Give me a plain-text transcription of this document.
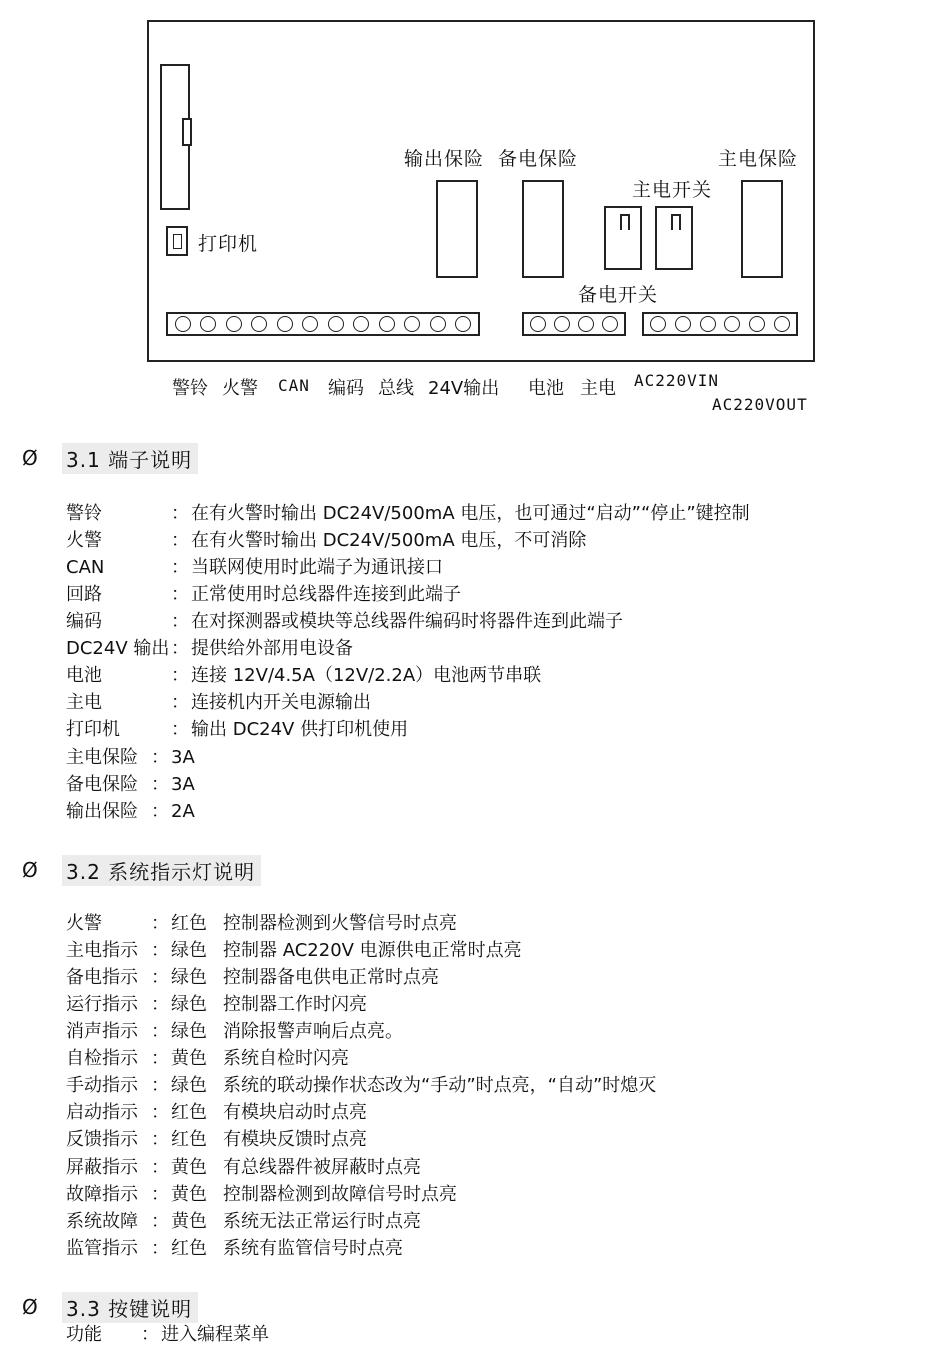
打印机
输出保险 备电保险	主电保险
主电开关
备电开关
警铃 火警 CAN 编码 总线 24V输出 电池 主电 AC220VIN
AC220VOUT
Ø	3.1 端子说明
警铃	： 在有火警时输出 DC24V/500mA 电压，也可通过“启动”“停止”键控制
火警	： 在有火警时输出 DC24V/500mA 电压，不可消除
CAN	： 当联网使用时此端子为通讯接口
回路	： 正常使用时总线器件连接到此端子
编码	： 在对探测器或模块等总线器件编码时将器件连到此端子
DC24V 输出： 提供给外部用电设备
电池	： 连接 12V/4.5A（12V/2.2A）电池两节串联
主电	： 连接机内开关电源输出
打印机	： 输出 DC24V 供打印机使用
主电保险 ： 3A
备电保险 ： 3A
输出保险 ： 2A
Ø	3.2 系统指示灯说明
火警	： 红色 控制器检测到火警信号时点亮
主电指示 ： 绿色 控制器 AC220V 电源供电正常时点亮
备电指示 ： 绿色 控制器备电供电正常时点亮
运行指示 ： 绿色 控制器工作时闪亮
消声指示 ： 绿色 消除报警声响后点亮。
自检指示 ： 黄色 系统自检时闪亮
手动指示 ： 绿色 系统的联动操作状态改为“手动”时点亮，“自动”时熄灭
启动指示 ： 红色 有模块启动时点亮
反馈指示 ： 红色 有模块反馈时点亮
屏蔽指示 ： 黄色 有总线器件被屏蔽时点亮
故障指示 ： 黄色 控制器检测到故障信号时点亮
系统故障 ： 黄色 系统无法正常运行时点亮
监管指示 ： 红色 系统有监管信号时点亮
Ø	3.3 按键说明
功能 ： 进入编程菜单
